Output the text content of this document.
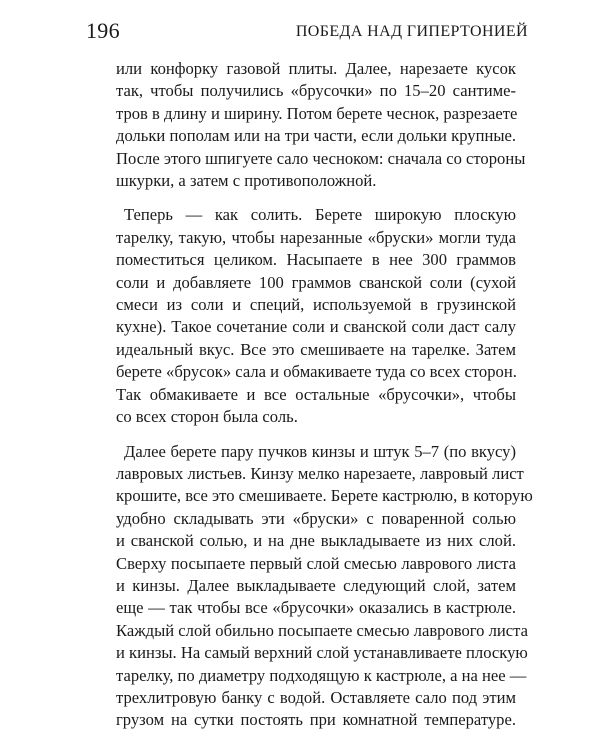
196	ПОБЕДА НАД ГИПЕРТОНИЕЙ
или конфорку газовой плиты. Далее, нарезаете кусок
так, чтобы получились «брусочки» по 15–20 сантиме-
тров в длину и ширину. Потом берете чеснок, разрезаете
дольки пополам или на три части, если дольки крупные.
После этого шпигуете сало чесноком: сначала со стороны
шкурки, а затем с противоположной.
Теперь — как солить. Берете широкую плоскую
тарелку, такую, чтобы нарезанные «бруски» могли туда
поместиться целиком. Насыпаете в нее 300 граммов
соли и добавляете 100 граммов сванской соли (сухой
смеси из соли и специй, используемой в грузинской
кухне). Такое сочетание соли и сванской соли даст салу
идеальный вкус. Все это смешиваете на тарелке. Затем
берете «брусок» сала и обмакиваете туда со всех сторон.
Так обмакиваете и все остальные «брусочки», чтобы
со всех сторон была соль.
Далее берете пару пучков кинзы и штук 5–7 (по вкусу)
лавровых листьев. Кинзу мелко нарезаете, лавровый лист
крошите, все это смешиваете. Берете кастрюлю, в которую
удобно складывать эти «бруски» с поваренной солью
и сванской солью, и на дне выкладываете из них слой.
Сверху посыпаете первый слой смесью лаврового листа
и кинзы. Далее выкладываете следующий слой, затем
еще — так чтобы все «брусочки» оказались в кастрюле.
Каждый слой обильно посыпаете смесью лаврового листа
и кинзы. На самый верхний слой устанавливаете плоскую
тарелку, по диаметру подходящую к кастрюле, а на нее —
трехлитровую банку с водой. Оставляете сало под этим
грузом на сутки постоять при комнатной температуре.
